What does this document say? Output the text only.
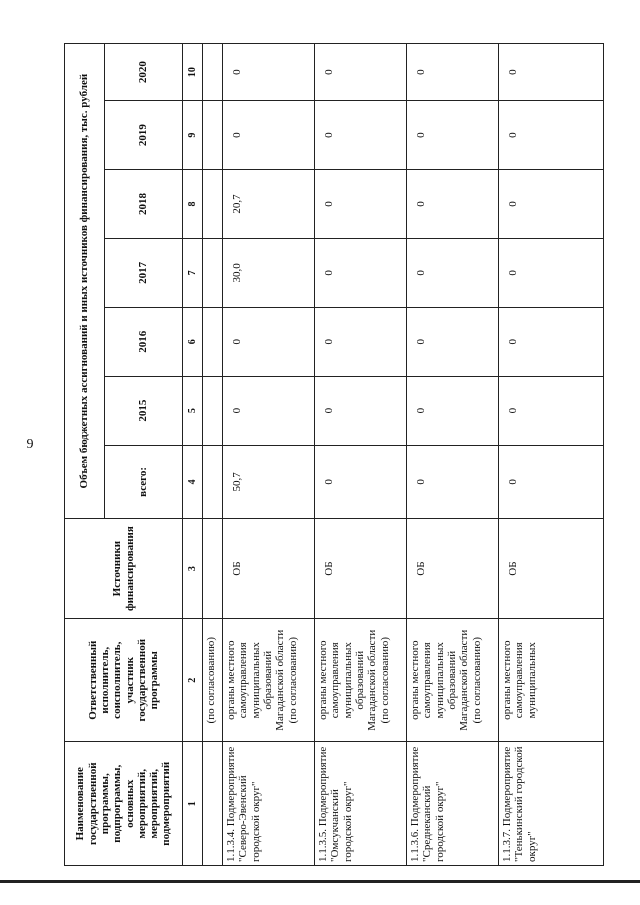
9
Наименование государственной программы, подпрограммы, основных мероприятий, мероприятий, подмероприятий	Ответственный исполнитель, соисполнитель, участник государственной программы	Источники финансирования	Объем бюджетных ассигнований и иных источников финансирования, тыс. рублей						
			всего:	2015	2016	2017	2018	2019	2020
1	2	3	4	5	6	7	8	9	10
	(по согласованию)								
1.1.3.4. Подмероприятие "Северо-Эвенский городской округ"	органы местного самоуправления муниципальных образований Магаданской области (по согласованию)	ОБ	50,7	0	0	30,0	20,7	0	0
1.1.3.5. Подмероприятие "Омсукчанский городской округ"	органы местного самоуправления муниципальных образований Магаданской области (по согласованию)	ОБ	0	0	0	0	0	0	0
1.1.3.6. Подмероприятие "Среднеканский городской округ"	органы местного самоуправления муниципальных образований Магаданской области (по согласованию)	ОБ	0	0	0	0	0	0	0
1.1.3.7. Подмероприятие "Тенькинский городской округ"	органы местного самоуправления муниципальных	ОБ	0	0	0	0	0	0	0
